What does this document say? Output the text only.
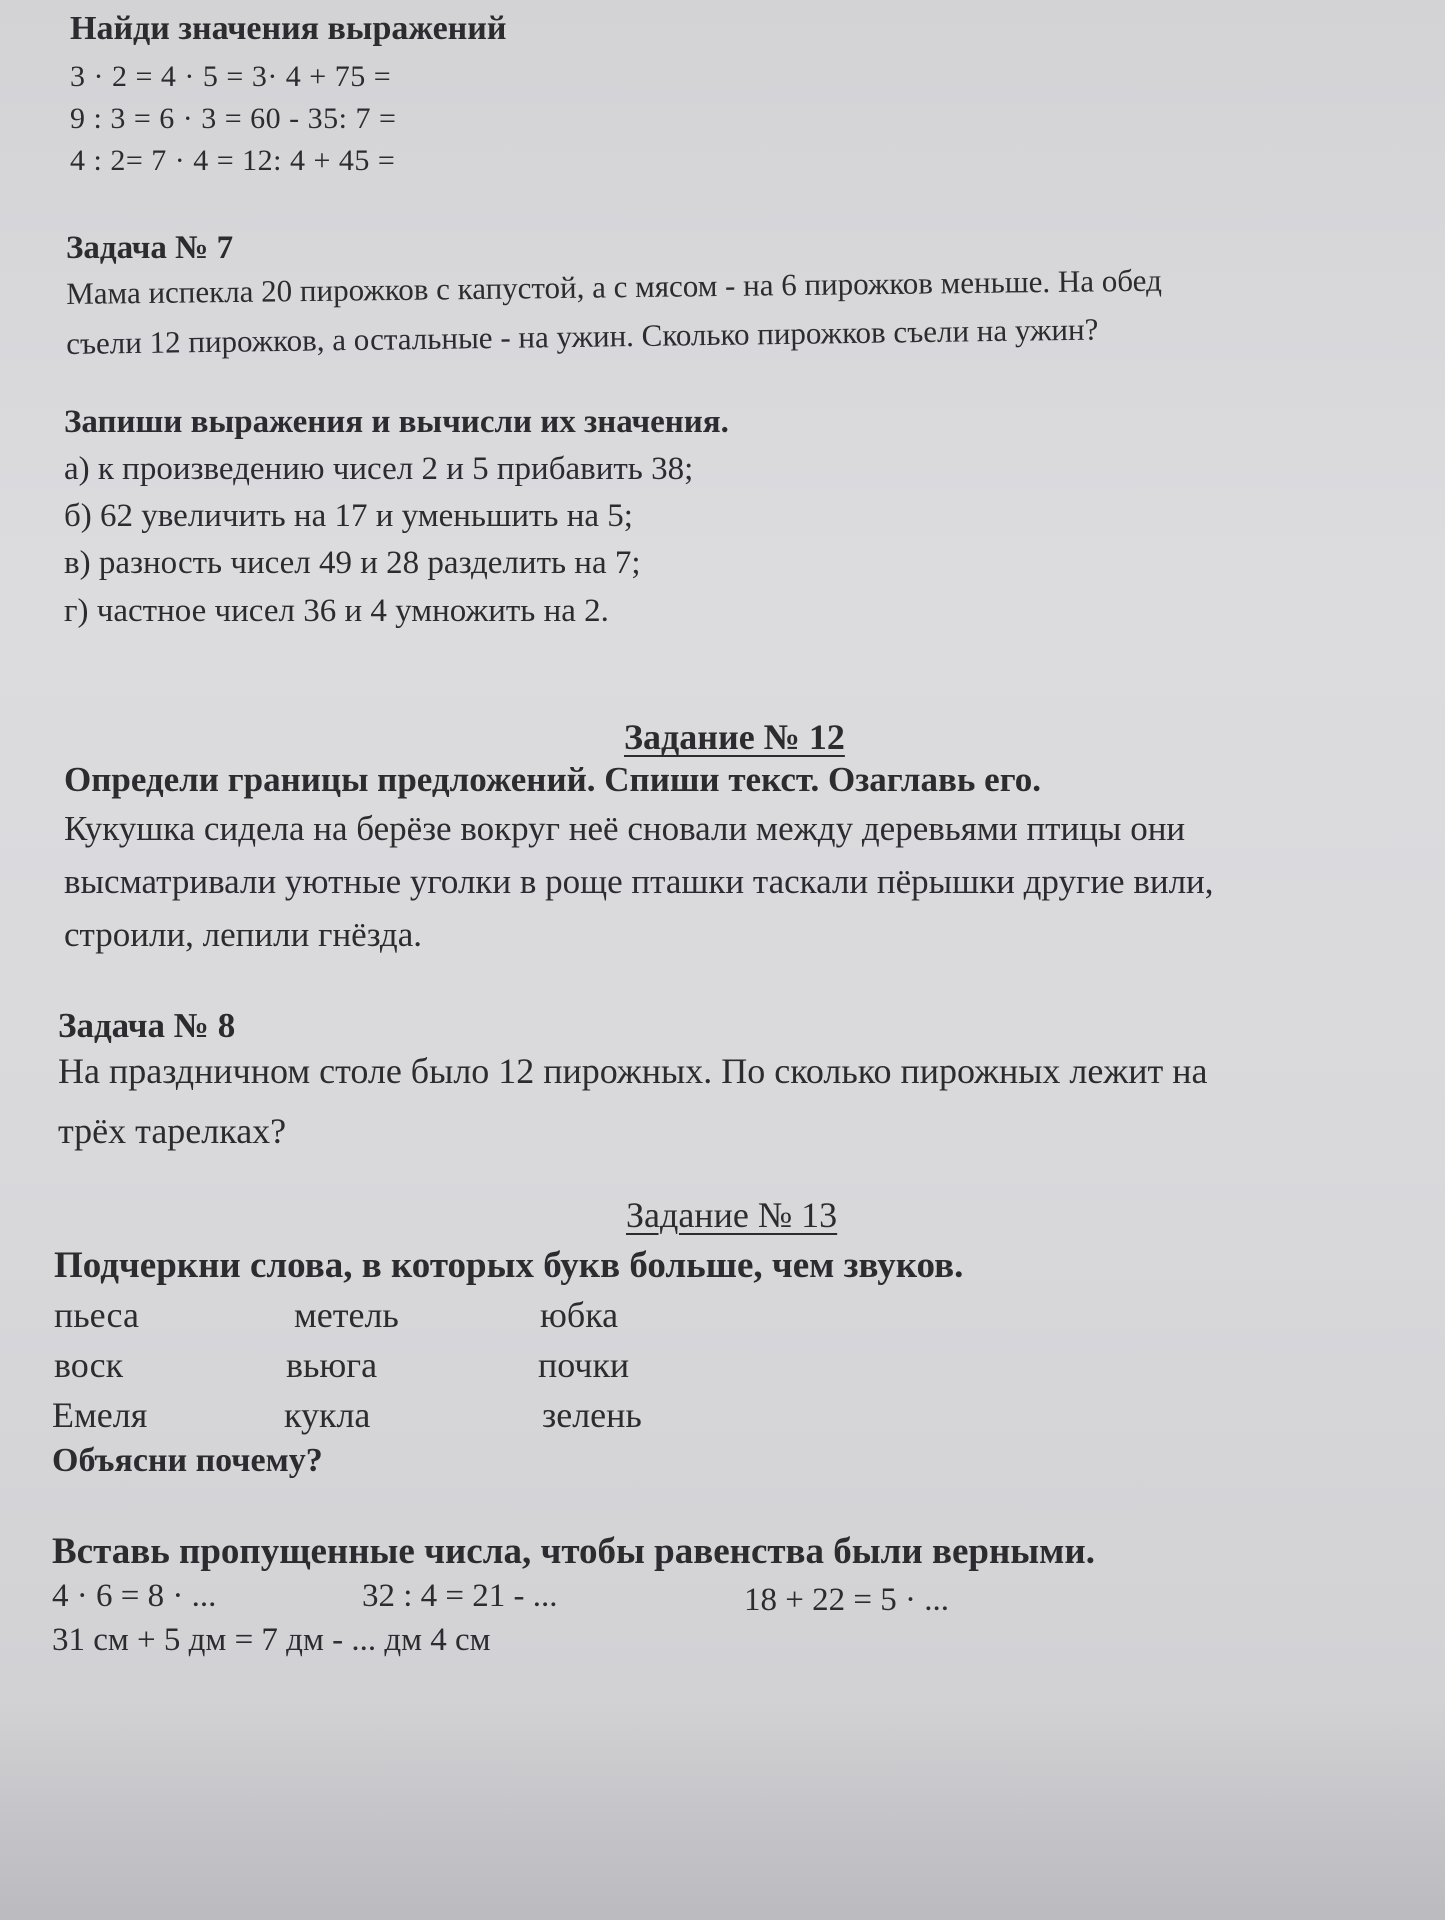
Найди значения выражений
3 · 2 = 4 · 5 = 3· 4 + 75 =
9 : 3 = 6 · 3 = 60 - 35: 7 =
4 : 2= 7 · 4 = 12: 4 + 45 =
Задача № 7
Мама испекла 20 пирожков с капустой, а с мясом - на 6 пирожков меньше. На обед
съели 12 пирожков, а остальные - на ужин. Сколько пирожков съели на ужин?
Запиши выражения и вычисли их значения.
а) к произведению чисел 2 и 5 прибавить 38;
б) 62 увеличить на 17 и уменьшить на 5;
в) разность чисел 49 и 28 разделить на 7;
г) частное чисел 36 и 4 умножить на 2.
Задание № 12
Определи границы предложений. Спиши текст. Озаглавь его.
Кукушка сидела на берёзе вокруг неё сновали между деревьями птицы они
высматривали уютные уголки в роще пташки таскали пёрышки другие вили,
строили, лепили гнёзда.
Задача № 8
На праздничном столе было 12 пирожных. По сколько пирожных лежит на
трёх тарелках?
Задание № 13
Подчеркни слова, в которых букв больше, чем звуков.
пьеса	метель	юбка
воск	вьюга	почки
Емеля	кукла	зелень
Объясни почему?
Вставь пропущенные числа, чтобы равенства были верными.
4 · 6 = 8 · ...	32 : 4 = 21 - ...	18 + 22 = 5 · ...
31 см + 5 дм = 7 дм - ... дм 4 см
